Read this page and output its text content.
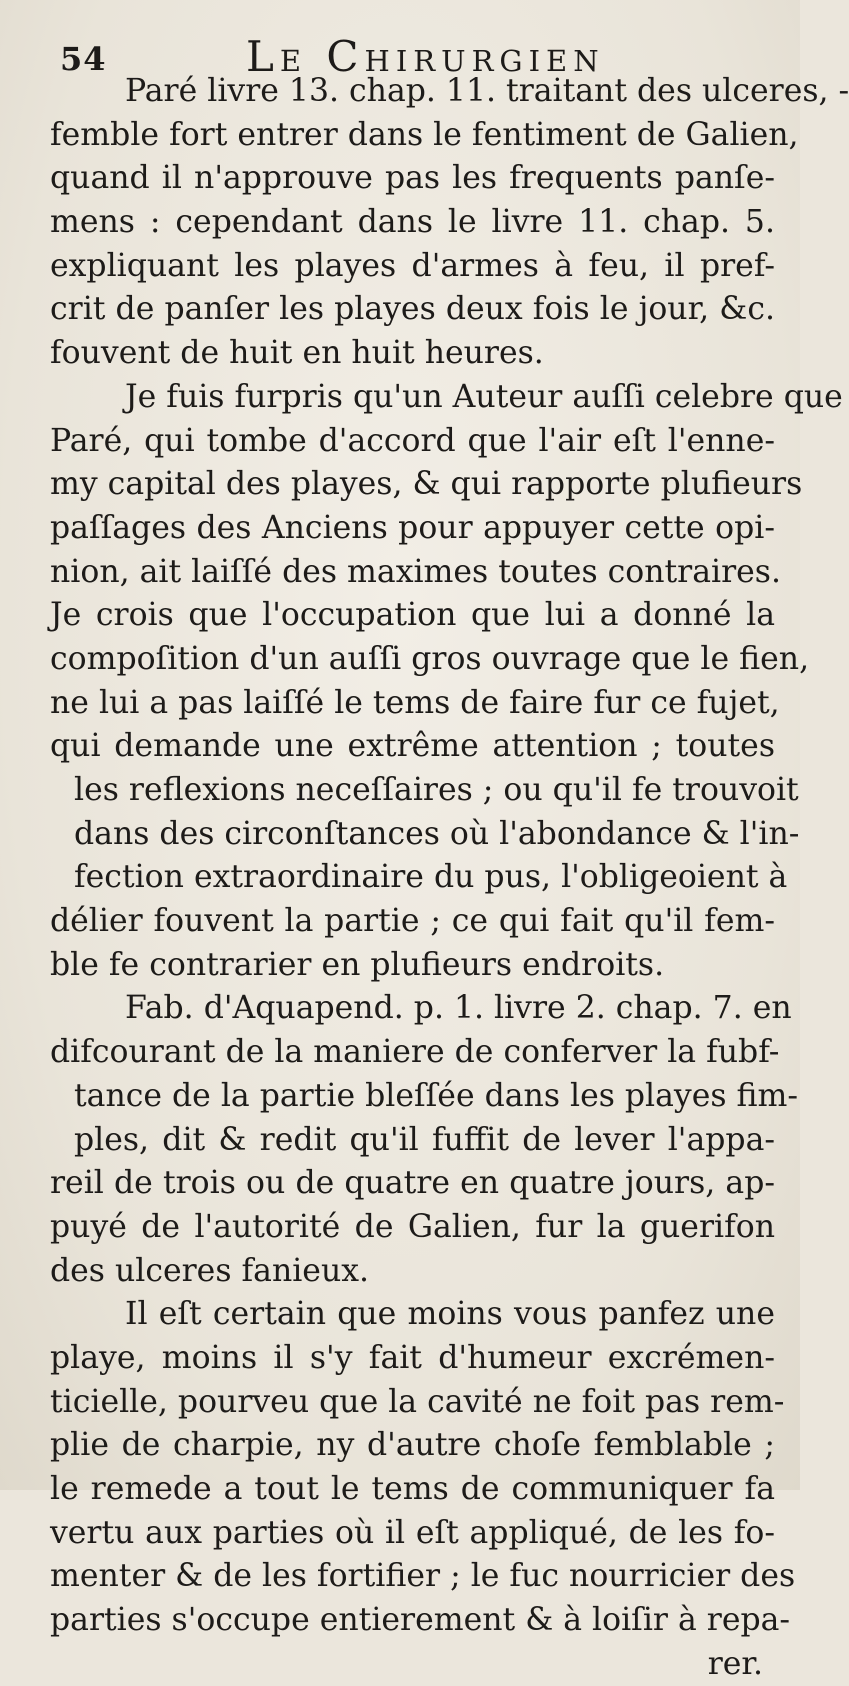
54	Le Chirurgien
Paré livre 13. chap. 11. traitant des ulceres, -
femble fort entrer dans le fentiment de Galien,
quand il n'approuve pas les frequents panſe-
mens : cependant dans le livre 11. chap. 5.
expliquant les playes d'armes à feu, il pref-
crit de panſer les playes deux fois le jour, &c.
fouvent de huit en huit heures.
Je fuis furpris qu'un Auteur auſſi celebre que
Paré, qui tombe d'accord que l'air eſt l'enne-
my capital des playes, & qui rapporte plufieurs
paſſages des Anciens pour appuyer cette opi-
nion, ait laiſſé des maximes toutes contraires.
Je crois que l'occupation que lui a donné la
compoſition d'un auſſi gros ouvrage que le fien,
ne lui a pas laiſſé le tems de faire fur ce fujet,
qui demande une extrême attention ; toutes
les reflexions neceſſaires ; ou qu'il fe trouvoit
dans des circonſtances où l'abondance & l'in-
fection extraordinaire du pus, l'obligeoient à
délier fouvent la partie ; ce qui fait qu'il fem-
ble fe contrarier en plufieurs endroits.
Fab. d'Aquapend. p. 1. livre 2. chap. 7. en
difcourant de la maniere de conferver la fubf-
tance de la partie bleſſée dans les playes fim-
ples, dit & redit qu'il fuffit de lever l'appa-
reil de trois ou de quatre en quatre jours, ap-
puyé de l'autorité de Galien, fur la guerifon
des ulceres fanieux.
Il eſt certain que moins vous panfez une
playe, moins il s'y fait d'humeur excrémen-
ticielle, pourveu que la cavité ne foit pas rem-
plie de charpie, ny d'autre choſe femblable ;
le remede a tout le tems de communiquer fa
vertu aux parties où il eſt appliqué, de les fo-
menter & de les fortifier ; le fuc nourricier des
parties s'occupe entierement & à loiſir à repa-
rer.
